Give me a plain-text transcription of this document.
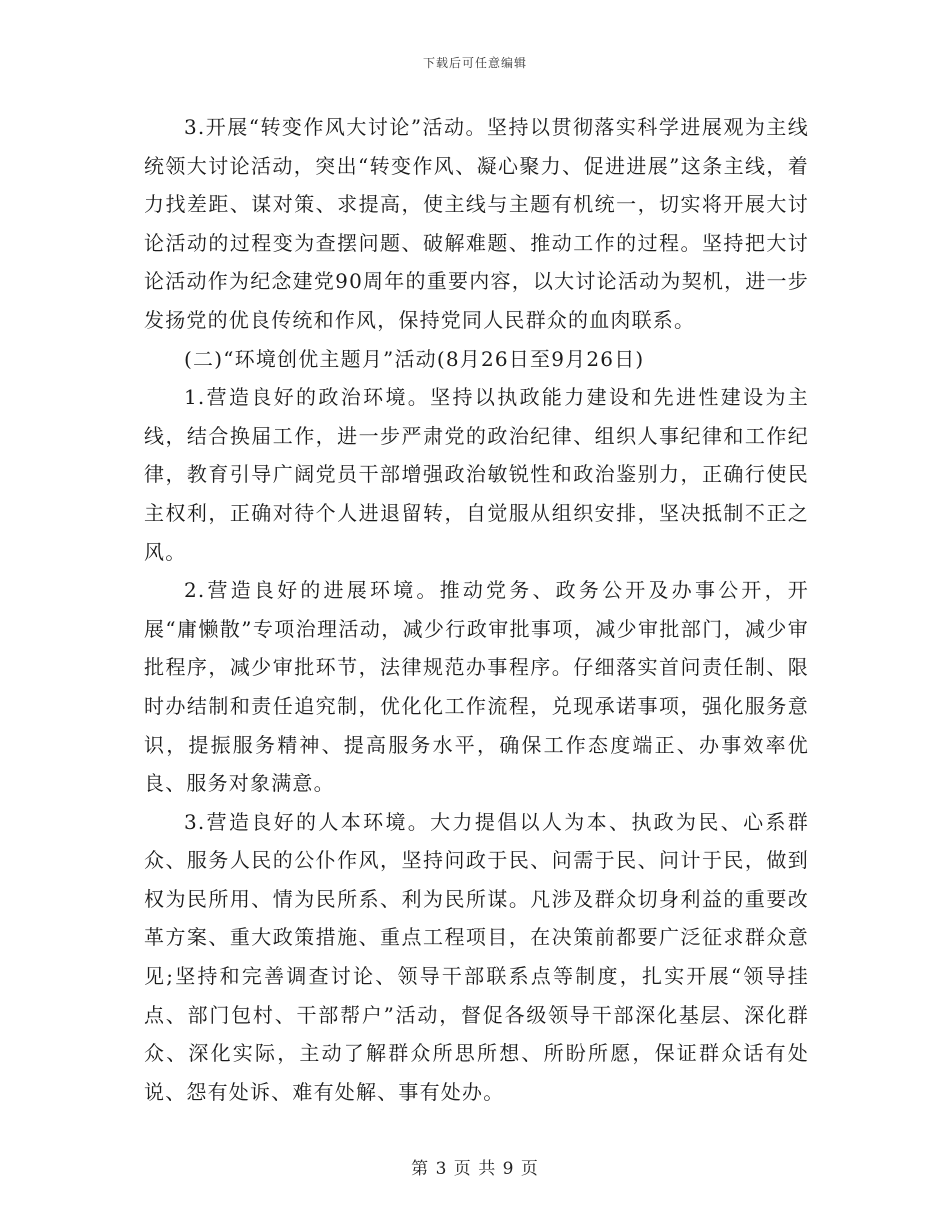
下载后可任意编辑

3.开展“转变作风大讨论”活动。坚持以贯彻落实科学进展观为主线统领大讨论活动，突出“转变作风、凝心聚力、促进进展”这条主线，着力找差距、谋对策、求提高，使主线与主题有机统一，切实将开展大讨论活动的过程变为查摆问题、破解难题、推动工作的过程。坚持把大讨论活动作为纪念建党90周年的重要内容，以大讨论活动为契机，进一步发扬党的优良传统和作风，保持党同人民群众的血肉联系。

(二)“环境创优主题月”活动(8月26日至9月26日)

1.营造良好的政治环境。坚持以执政能力建设和先进性建设为主线，结合换届工作，进一步严肃党的政治纪律、组织人事纪律和工作纪律，教育引导广阔党员干部增强政治敏锐性和政治鉴别力，正确行使民主权利，正确对待个人进退留转，自觉服从组织安排，坚决抵制不正之风。

2.营造良好的进展环境。推动党务、政务公开及办事公开，开展“庸懒散”专项治理活动，减少行政审批事项，减少审批部门，减少审批程序，减少审批环节，法律规范办事程序。仔细落实首问责任制、限时办结制和责任追究制，优化化工作流程，兑现承诺事项，强化服务意识，提振服务精神、提高服务水平，确保工作态度端正、办事效率优良、服务对象满意。

3.营造良好的人本环境。大力提倡以人为本、执政为民、心系群众、服务人民的公仆作风，坚持问政于民、问需于民、问计于民，做到权为民所用、情为民所系、利为民所谋。凡涉及群众切身利益的重要改革方案、重大政策措施、重点工程项目，在决策前都要广泛征求群众意见;坚持和完善调查讨论、领导干部联系点等制度，扎实开展“领导挂点、部门包村、干部帮户”活动，督促各级领导干部深化基层、深化群众、深化实际，主动了解群众所思所想、所盼所愿，保证群众话有处说、怨有处诉、难有处解、事有处办。

第 3 页 共 9 页
